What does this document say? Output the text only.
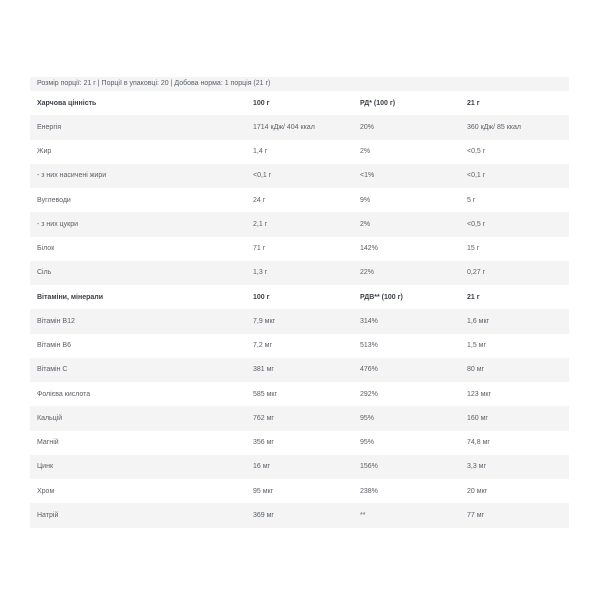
Розмір порції: 21 г | Порції в упаковці: 20 | Добова норма: 1 порція (21 г)
Харчова цінність	100 г	РД* (100 г)	21 г
Енергія	1714 кДж/ 404 ккал	20%	360 кДж/ 85 ккал
Жир	1,4 г	2%	<0,5 г
- з них насичені жири	<0,1 г	<1%	<0,1 г
Вуглеводи	24 г	9%	5 г
- з них цукри	2,1 г	2%	<0,5 г
Білок	71 г	142%	15 г
Сіль	1,3 г	22%	0,27 г
Вітаміни, мінерали	100 г	РДВ** (100 г)	21 г
Вітамін B12	7,9 мкг	314%	1,6 мкг
Вітамін B6	7,2 мг	513%	1,5 мг
Вітамін C	381 мг	476%	80 мг
Фолієва кислота	585 мкг	292%	123 мкг
Кальцій	762 мг	95%	160 мг
Магній	356 мг	95%	74,8 мг
Цинк	16 мг	156%	3,3 мг
Хром	95 мкг	238%	20 мкг
Натрій	369 мг	**	77 мг
